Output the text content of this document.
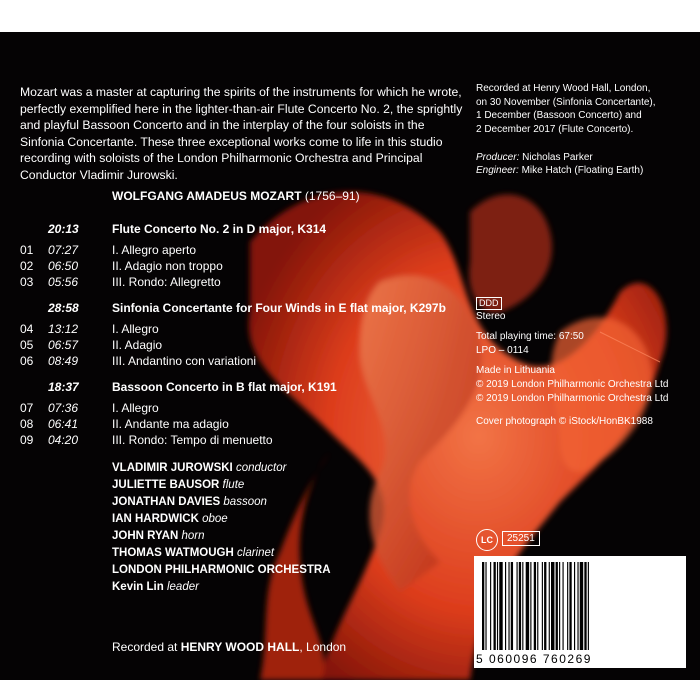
Mozart was a master at capturing the spirits of the instruments for which he wrote, perfectly exemplified here in the lighter-than-air Flute Concerto No. 2, the sprightly and playful Bassoon Concerto and in the interplay of the four soloists in the Sinfonia Concertante. These three exceptional works come to life in this studio recording with soloists of the London Philharmonic Orchestra and Principal Conductor Vladimir Jurowski.
WOLFGANG AMADEUS MOZART (1756–91)
20:13	Flute Concerto No. 2 in D major, K314
01 07:27	I. Allegro aperto
02 06:50	II. Adagio non troppo
03 05:56	III. Rondo: Allegretto
28:58	Sinfonia Concertante for Four Winds in E flat major, K297b
04 13:12	I. Allegro
05 06:57	II. Adagio
06 08:49	III. Andantino con variationi
18:37	Bassoon Concerto in B flat major, K191
07 07:36	I. Allegro
08 06:41	II. Andante ma adagio
09 04:20	III. Rondo: Tempo di menuetto
VLADIMIR JUROWSKI conductor
JULIETTE BAUSOR flute
JONATHAN DAVIES bassoon
IAN HARDWICK oboe
JOHN RYAN horn
THOMAS WATMOUGH clarinet
LONDON PHILHARMONIC ORCHESTRA
Kevin Lin leader
Recorded at HENRY WOOD HALL, London
Recorded at Henry Wood Hall, London,
on 30 November (Sinfonia Concertante),
1 December (Bassoon Concerto) and
2 December 2017 (Flute Concerto).
Producer: Nicholas Parker
Engineer: Mike Hatch (Floating Earth)
DDD
Stereo
Total playing time: 67:50
LPO – 0114
Made in Lithuania
© 2019 London Philharmonic Orchestra Ltd
© 2019 London Philharmonic Orchestra Ltd
Cover photograph © iStock/HonBK1988
LC	25251
5 060096 760269
